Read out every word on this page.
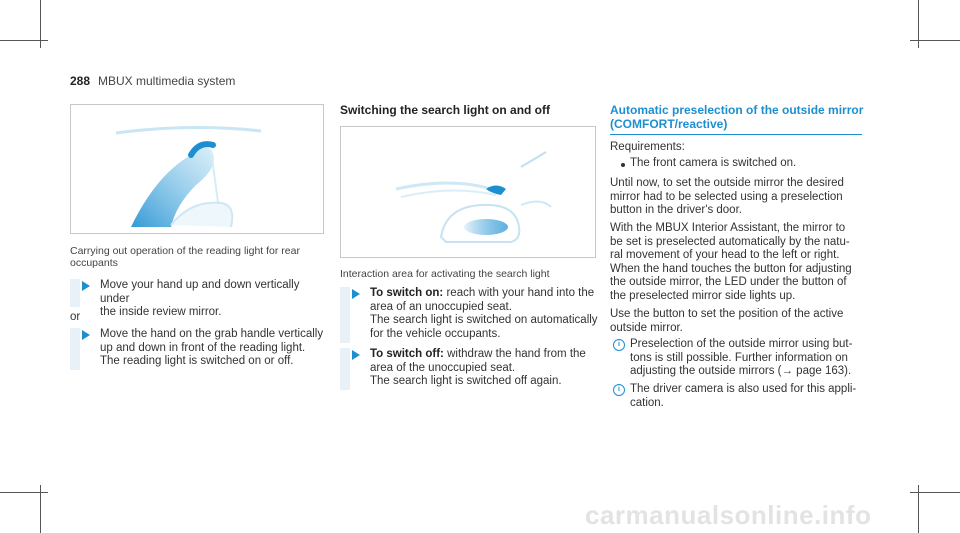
288 MBUX multimedia system
Carrying out operation of the reading light for rear
occupants
Move your hand up and down vertically under
the inside review mirror.
or
Move the hand on the grab handle vertically
up and down in front of the reading light.
The reading light is switched on or off.
Switching the search light on and off
Interaction area for activating the search light
To switch on: reach with your hand into the
area of an unoccupied seat.
The search light is switched on automatically
for the vehicle occupants.
To switch off: withdraw the hand from the
area of the unoccupied seat.
The search light is switched off again.
Automatic preselection of the outside mirror
(COMFORT/reactive)
Requirements:
The front camera is switched on.
Until now, to set the outside mirror the desired
mirror had to be selected using a preselection
button in the driver's door.
With the MBUX Interior Assistant, the mirror to
be set is preselected automatically by the natu-
ral movement of your head to the left or right.
When the hand touches the button for adjusting
the outside mirror, the LED under the button of
the preselected mirror side lights up.
Use the button to set the position of the active
outside mirror.
i Preselection of the outside mirror using but-
tons is still possible. Further information on
adjusting the outside mirrors (→ page 163).
i The driver camera is also used for this appli-
cation.
carmanualsonline.info
